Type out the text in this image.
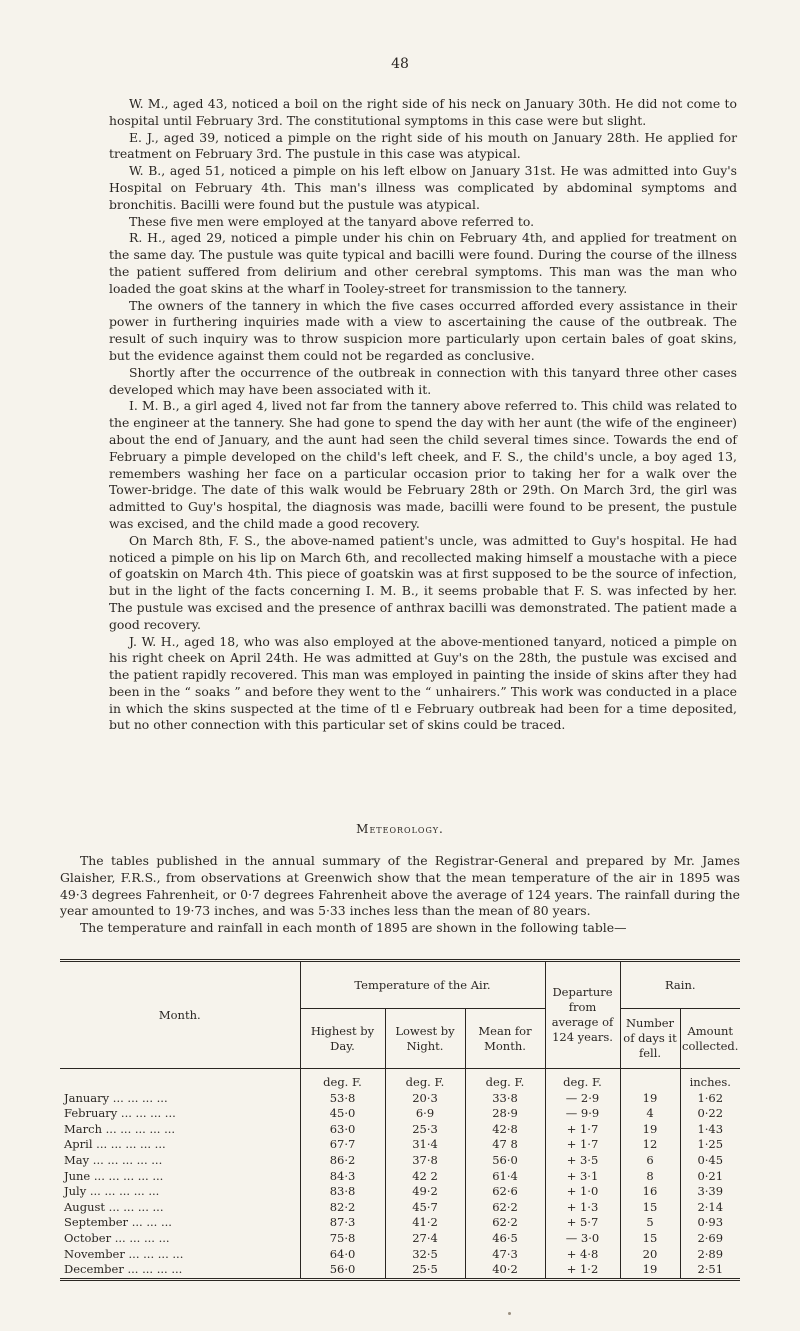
48

W. M., aged 43, noticed a boil on the right side of his neck on January 30th. He did not come to hospital until February 3rd. The constitutional symptoms in this case were but slight.

E. J., aged 39, noticed a pimple on the right side of his mouth on January 28th. He applied for treatment on February 3rd. The pustule in this case was atypical.

W. B., aged 51, noticed a pimple on his left elbow on January 31st. He was admitted into Guy's Hospital on February 4th. This man's illness was complicated by abdominal symptoms and bronchitis. Bacilli were found but the pustule was atypical.

These five men were employed at the tanyard above referred to.

R. H., aged 29, noticed a pimple under his chin on February 4th, and applied for treatment on the same day. The pustule was quite typical and bacilli were found. During the course of the illness the patient suffered from delirium and other cerebral symptoms. This man was the man who loaded the goat skins at the wharf in Tooley-street for transmission to the tannery.

The owners of the tannery in which the five cases occurred afforded every assistance in their power in furthering inquiries made with a view to ascertaining the cause of the outbreak. The result of such inquiry was to throw suspicion more particularly upon certain bales of goat skins, but the evidence against them could not be regarded as conclusive.

Shortly after the occurrence of the outbreak in connection with this tanyard three other cases developed which may have been associated with it.

I. M. B., a girl aged 4, lived not far from the tannery above referred to. This child was related to the engineer at the tannery. She had gone to spend the day with her aunt (the wife of the engineer) about the end of January, and the aunt had seen the child several times since. Towards the end of February a pimple developed on the child's left cheek, and F. S., the child's uncle, a boy aged 13, remembers washing her face on a particular occasion prior to taking her for a walk over the Tower-bridge. The date of this walk would be February 28th or 29th. On March 3rd, the girl was admitted to Guy's hospital, the diagnosis was made, bacilli were found to be present, the pustule was excised, and the child made a good recovery.

On March 8th, F. S., the above-named patient's uncle, was admitted to Guy's hospital. He had noticed a pimple on his lip on March 6th, and recollected making himself a moustache with a piece of goatskin on March 4th. This piece of goatskin was at first supposed to be the source of infection, but in the light of the facts concerning I. M. B., it seems probable that F. S. was infected by her. The pustule was excised and the presence of anthrax bacilli was demonstrated. The patient made a good recovery.

J. W. H., aged 18, who was also employed at the above-mentioned tanyard, noticed a pimple on his right cheek on April 24th. He was admitted at Guy's on the 28th, the pustule was excised and the patient rapidly recovered. This man was employed in painting the inside of skins after they had been in the “ soaks ” and before they went to the “ unhairers.” This work was conducted in a place in which the skins suspected at the time of tl e February outbreak had been for a time deposited, but no other connection with this particular set of skins could be traced.

Meteorology.

The tables published in the annual summary of the Registrar-General and prepared by Mr. James Glaisher, F.R.S., from observations at Greenwich show that the mean temperature of the air in 1895 was 49·3 degrees Fahrenheit, or 0·7 degrees Fahrenheit above the average of 124 years. The rainfall during the year amounted to 19·73 inches, and was 5·33 inches less than the mean of 80 years.

The temperature and rainfall in each month of 1895 are shown in the following table—

Month.	Temperature of the Air.			Departure from average of 124 years.	Rain.	
	Highest by Day.	Lowest by Night.	Mean for Month.		Number of days it fell.	Amount collected.
	deg. F.	deg. F.	deg. F.	deg. F.		inches.
January ... ... ... ...	53·8	20·3	33·8	— 2·9	19	1·62
February ... ... ... ...	45·0	6·9	28·9	— 9·9	4	0·22
March ... ... ... ... ...	63·0	25·3	42·8	+ 1·7	19	1·43
April ... ... ... ... ...	67·7	31·4	47 8	+ 1·7	12	1·25
May ... ... ... ... ...	86·2	37·8	56·0	+ 3·5	6	0·45
June ... ... ... ... ...	84·3	42 2	61·4	+ 3·1	8	0·21
July ... ... ... ... ...	83·8	49·2	62·6	+ 1·0	16	3·39
August ... ... ... ...	82·2	45·7	62·2	+ 1·3	15	2·14
September ... ... ...	87·3	41·2	62·2	+ 5·7	5	0·93
October ... ... ... ...	75·8	27·4	46·5	— 3·0	15	2·69
November ... ... ... ...	64·0	32·5	47·3	+ 4·8	20	2·89
December ... ... ... ...	56·0	25·5	40·2	+ 1·2	19	2·51
